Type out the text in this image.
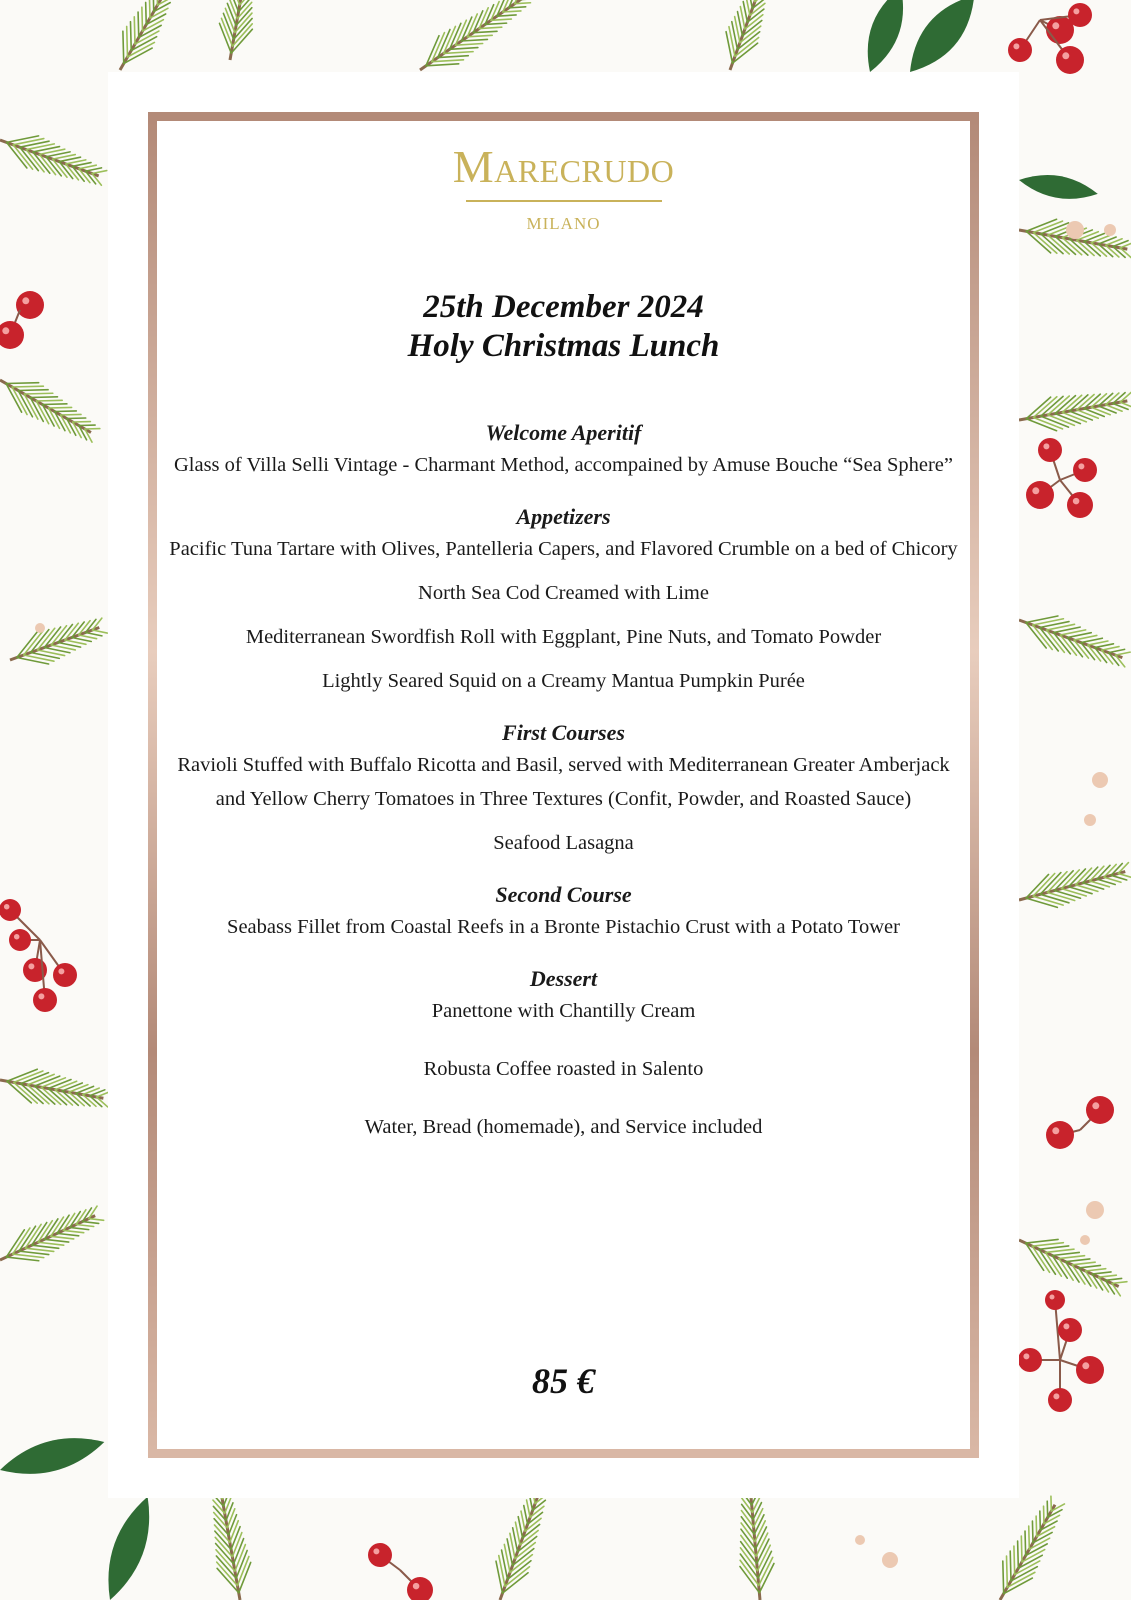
Marecrudo
MILANO
25th December 2024
Holy Christmas Lunch
Welcome Aperitif
Glass of Villa Selli Vintage - Charmant Method, accompained by Amuse Bouche “Sea Sphere”
Appetizers
Pacific Tuna Tartare with Olives, Pantelleria Capers, and Flavored Crumble on a bed of Chicory
North Sea Cod Creamed with Lime
Mediterranean Swordfish Roll with Eggplant, Pine Nuts, and Tomato Powder
Lightly Seared Squid on a Creamy Mantua Pumpkin Purée
First Courses
Ravioli Stuffed with Buffalo Ricotta and Basil, served with Mediterranean Greater Amberjack and Yellow Cherry Tomatoes in Three Textures (Confit, Powder, and Roasted Sauce)
Seafood Lasagna
Second Course
Seabass Fillet from Coastal Reefs in a Bronte Pistachio Crust with a Potato Tower
Dessert
Panettone with Chantilly Cream
Robusta Coffee roasted in Salento
Water, Bread (homemade), and Service included
85 €
